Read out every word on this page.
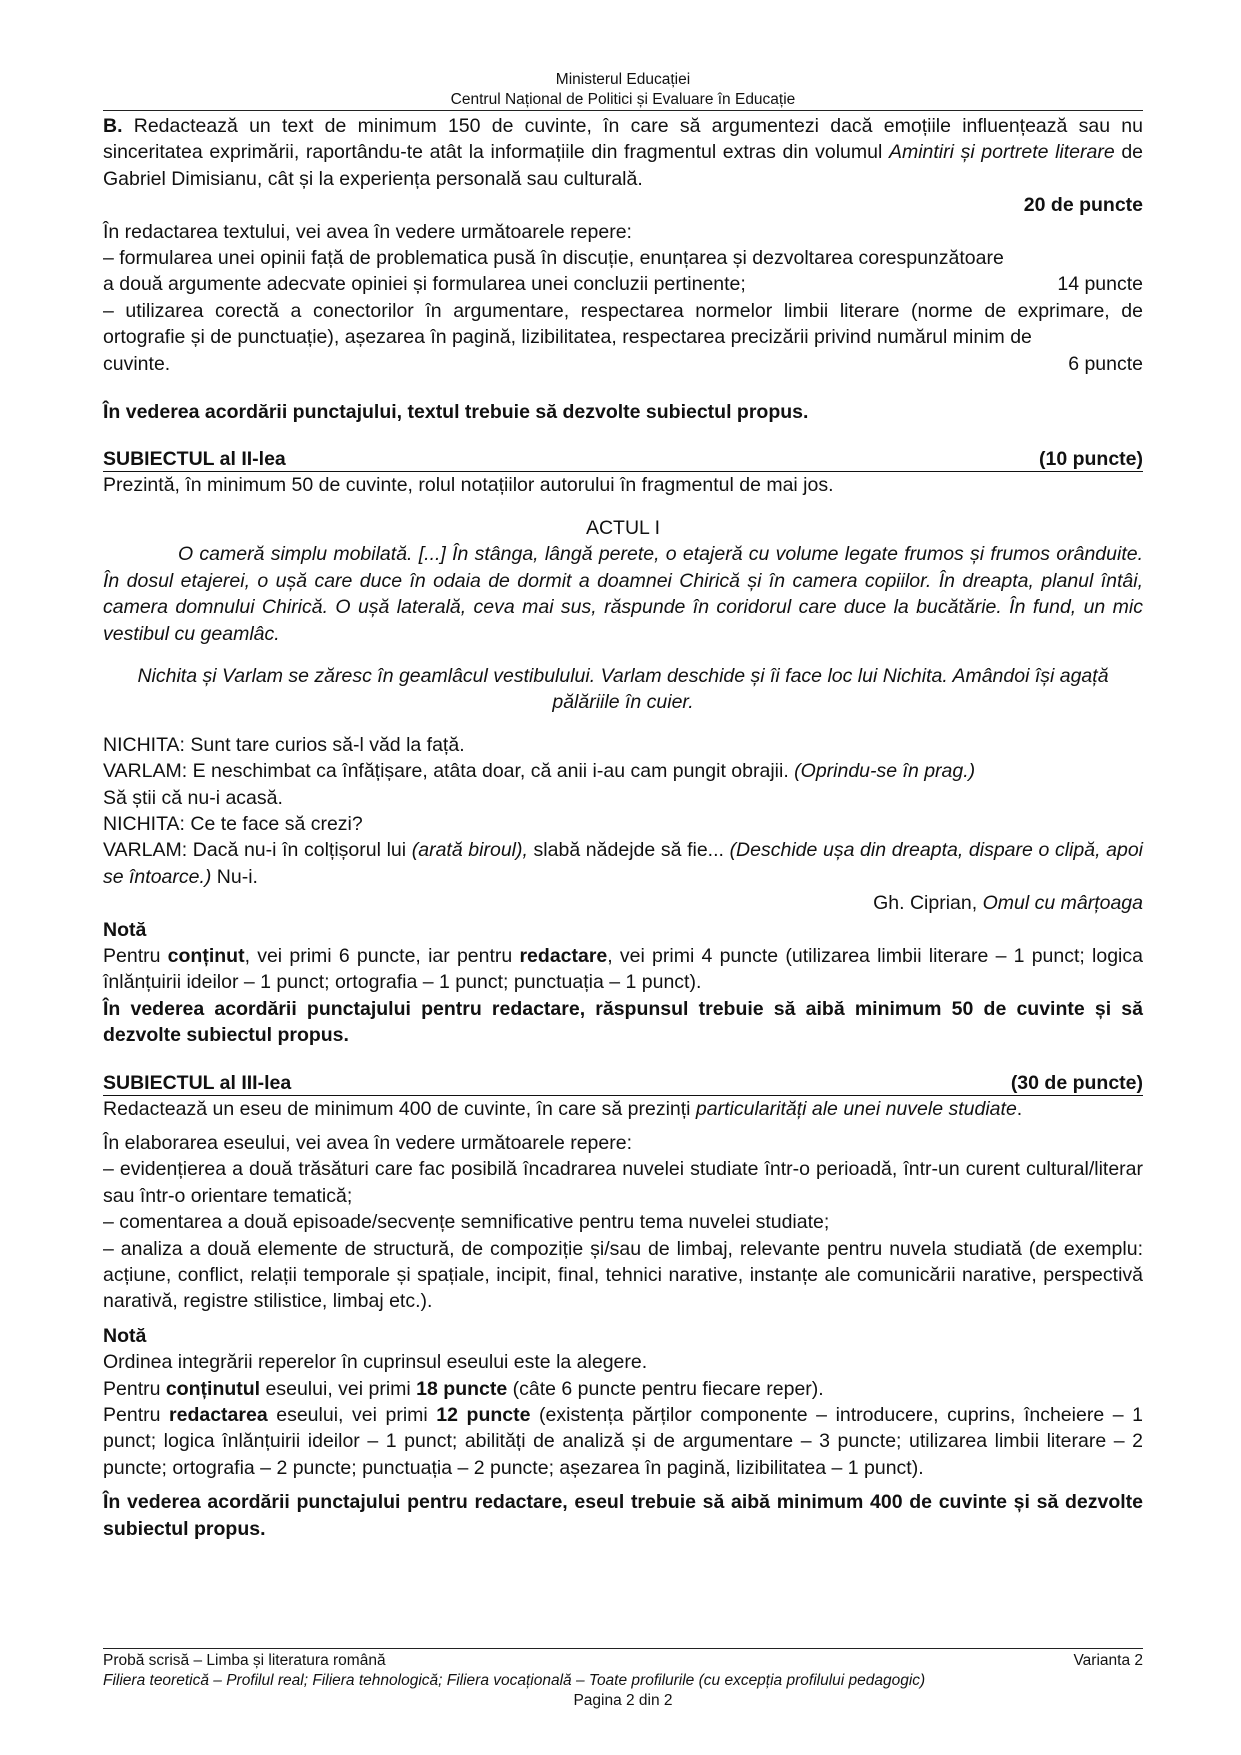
Ministerul Educației
Centrul Național de Politici și Evaluare în Educație

B. Redactează un text de minimum 150 de cuvinte, în care să argumentezi dacă emoțiile influențează sau nu sinceritatea exprimării, raportându-te atât la informațiile din fragmentul extras din volumul Amintiri și portrete literare de Gabriel Dimisianu, cât și la experiența personală sau culturală.

20 de puncte
În redactarea textului, vei avea în vedere următoarele repere:
– formularea unei opinii față de problematica pusă în discuție, enunțarea și dezvoltarea corespunzătoare
a două argumente adecvate opiniei și formularea unei concluzii pertinente;	14 puncte
– utilizarea corectă a conectorilor în argumentare, respectarea normelor limbii literare (norme de exprimare, de ortografie și de punctuație), așezarea în pagină, lizibilitatea, respectarea precizării privind numărul minim de
cuvinte.	6 puncte
În vederea acordării punctajului, textul trebuie să dezvolte subiectul propus.
SUBIECTUL al II-lea	(10 puncte)
Prezintă, în minimum 50 de cuvinte, rolul notațiilor autorului în fragmentul de mai jos.
ACTUL I

O cameră simplu mobilată. [...] În stânga, lângă perete, o etajeră cu volume legate frumos și frumos orânduite. În dosul etajerei, o ușă care duce în odaia de dormit a doamnei Chirică și în camera copiilor. În dreapta, planul întâi, camera domnului Chirică. O ușă laterală, ceva mai sus, răspunde în coridorul care duce la bucătărie. În fund, un mic vestibul cu geamlâc.

Nichita și Varlam se zăresc în geamlâcul vestibulului. Varlam deschide și îi face loc lui Nichita. Amândoi își agață pălăriile în cuier.

NICHITA: Sunt tare curios să-l văd la față.

VARLAM: E neschimbat ca înfățișare, atâta doar, că anii i-au cam pungit obrajii. (Oprindu-se în prag.)

Să știi că nu-i acasă.
NICHITA: Ce te face să crezi?

VARLAM: Dacă nu-i în colțișorul lui (arată biroul), slabă nădejde să fie... (Deschide ușa din dreapta, dispare o clipă, apoi se întoarce.) Nu-i.

Gh. Ciprian, Omul cu mârțoaga
Notă

Pentru conținut, vei primi 6 puncte, iar pentru redactare, vei primi 4 puncte (utilizarea limbii literare – 1 punct; logica înlănțuirii ideilor – 1 punct; ortografia – 1 punct; punctuația – 1 punct).

În vederea acordării punctajului pentru redactare, răspunsul trebuie să aibă minimum 50 de cuvinte și să dezvolte subiectul propus.

SUBIECTUL al III-lea	(30 de puncte)

Redactează un eseu de minimum 400 de cuvinte, în care să prezinți particularități ale unei nuvele studiate.

În elaborarea eseului, vei avea în vedere următoarele repere:

– evidențierea a două trăsături care fac posibilă încadrarea nuvelei studiate într-o perioadă, într-un curent cultural/literar sau într-o orientare tematică;

– comentarea a două episoade/secvențe semnificative pentru tema nuvelei studiate;

– analiza a două elemente de structură, de compoziție și/sau de limbaj, relevante pentru nuvela studiată (de exemplu: acțiune, conflict, relații temporale și spațiale, incipit, final, tehnici narative, instanțe ale comunicării narative, perspectivă narativă, registre stilistice, limbaj etc.).

Notă
Ordinea integrării reperelor în cuprinsul eseului este la alegere.

Pentru conținutul eseului, vei primi 18 puncte (câte 6 puncte pentru fiecare reper).

Pentru redactarea eseului, vei primi 12 puncte (existența părților componente – introducere, cuprins, încheiere – 1 punct; logica înlănțuirii ideilor – 1 punct; abilități de analiză și de argumentare – 3 puncte; utilizarea limbii literare – 2 puncte; ortografia – 2 puncte; punctuația – 2 puncte; așezarea în pagină, lizibilitatea – 1 punct).

În vederea acordării punctajului pentru redactare, eseul trebuie să aibă minimum 400 de cuvinte și să dezvolte subiectul propus.

Probă scrisă – Limba și literatura română	Varianta 2
Filiera teoretică – Profilul real; Filiera tehnologică; Filiera vocațională – Toate profilurile (cu excepția profilului pedagogic)
Pagina 2 din 2
